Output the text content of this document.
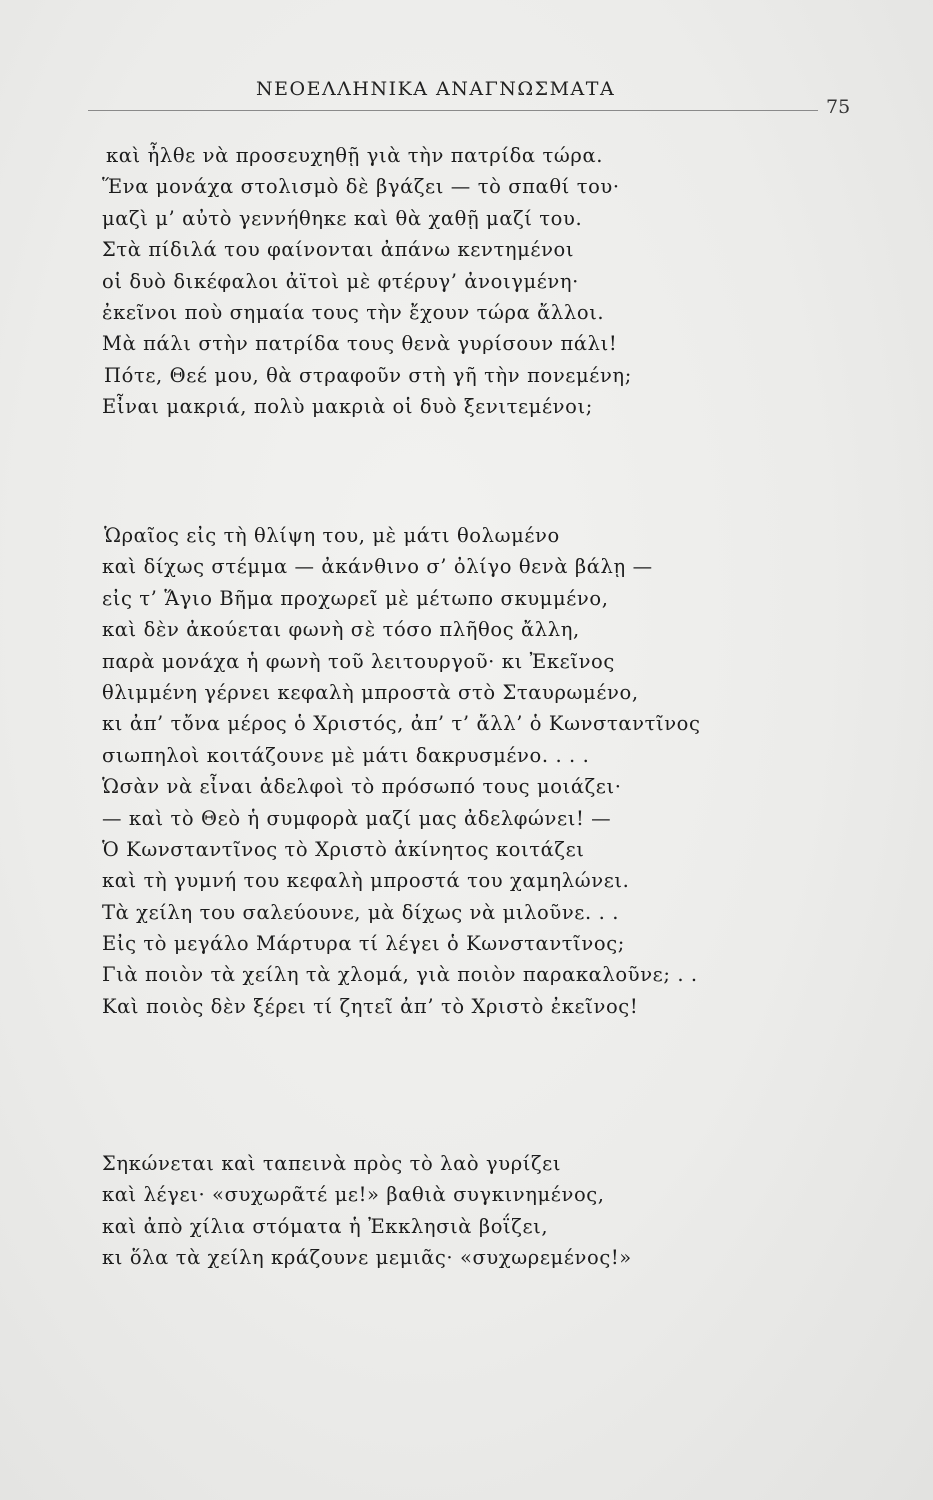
ΝΕΟΕΛΛΗΝΙΚΑ ΑΝΑΓΝΩΣΜΑΤΑ
75
καὶ ἦλθε νὰ προσευχηθῇ γιὰ τὴν πατρίδα τώρα.
Ἕνα μονάχα στολισμὸ δὲ βγάζει — τὸ σπαθί του·
μαζὶ μ’ αὐτὸ γεννήθηκε καὶ θὰ χαθῇ μαζί του.
Στὰ πίδιλά του φαίνονται ἀπάνω κεντημένοι
οἱ δυὸ δικέφαλοι ἀϊτοὶ μὲ φτέρυγ’ ἀνοιγμένη·
ἐκεῖνοι ποὺ σημαία τους τὴν ἔχουν τώρα ἄλλοι.
Μὰ πάλι στὴν πατρίδα τους θενὰ γυρίσουν πάλι!
Πότε, Θεέ μου, θὰ στραφοῦν στὴ γῆ τὴν πονεμένη;
Εἶναι μακριά, πολὺ μακριὰ οἱ δυὸ ξενιτεμένοι;
Ὡραῖος εἰς τὴ θλίψη του, μὲ μάτι θολωμένο
καὶ δίχως στέμμα — ἀκάνθινο σ’ ὀλίγο θενὰ βάλῃ —
εἰς τ’ Ἅγιο Βῆμα προχωρεῖ μὲ μέτωπο σκυμμένο,
καὶ δὲν ἀκούεται φωνὴ σὲ τόσο πλῆθος ἄλλη,
παρὰ μονάχα ἡ φωνὴ τοῦ λειτουργοῦ· κι Ἐκεῖνος
θλιμμένη γέρνει κεφαλὴ μπροστὰ στὸ Σταυρωμένο,
κι ἀπ’ τὄνα μέρος ὁ Χριστός, ἀπ’ τ’ ἄλλ’ ὁ Κωνσταντῖνος
σιωπηλοὶ κοιτάζουνε μὲ μάτι δακρυσμένο. . . .
Ὡσὰν νὰ εἶναι ἀδελφοὶ τὸ πρόσωπό τους μοιάζει·
— καὶ τὸ Θεὸ ἡ συμφορὰ μαζί μας ἀδελφώνει! —
Ὁ Κωνσταντῖνος τὸ Χριστὸ ἀκίνητος κοιτάζει
καὶ τὴ γυμνή του κεφαλὴ μπροστά του χαμηλώνει.
Τὰ χείλη του σαλεύουνε, μὰ δίχως νὰ μιλοῦνε. . .
Εἰς τὸ μεγάλο Μάρτυρα τί λέγει ὁ Κωνσταντῖνος;
Γιὰ ποιὸν τὰ χείλη τὰ χλομά, γιὰ ποιὸν παρακαλοῦνε; . .
Καὶ ποιὸς δὲν ξέρει τί ζητεῖ ἀπ’ τὸ Χριστὸ ἐκεῖνος!
Σηκώνεται καὶ ταπεινὰ πρὸς τὸ λαὸ γυρίζει
καὶ λέγει· «συχωρᾶτέ με!» βαθιὰ συγκινημένος,
καὶ ἀπὸ χίλια στόματα ἡ Ἐκκλησιὰ βοΐζει,
κι ὅλα τὰ χείλη κράζουνε μεμιᾶς· «συχωρεμένος!»
